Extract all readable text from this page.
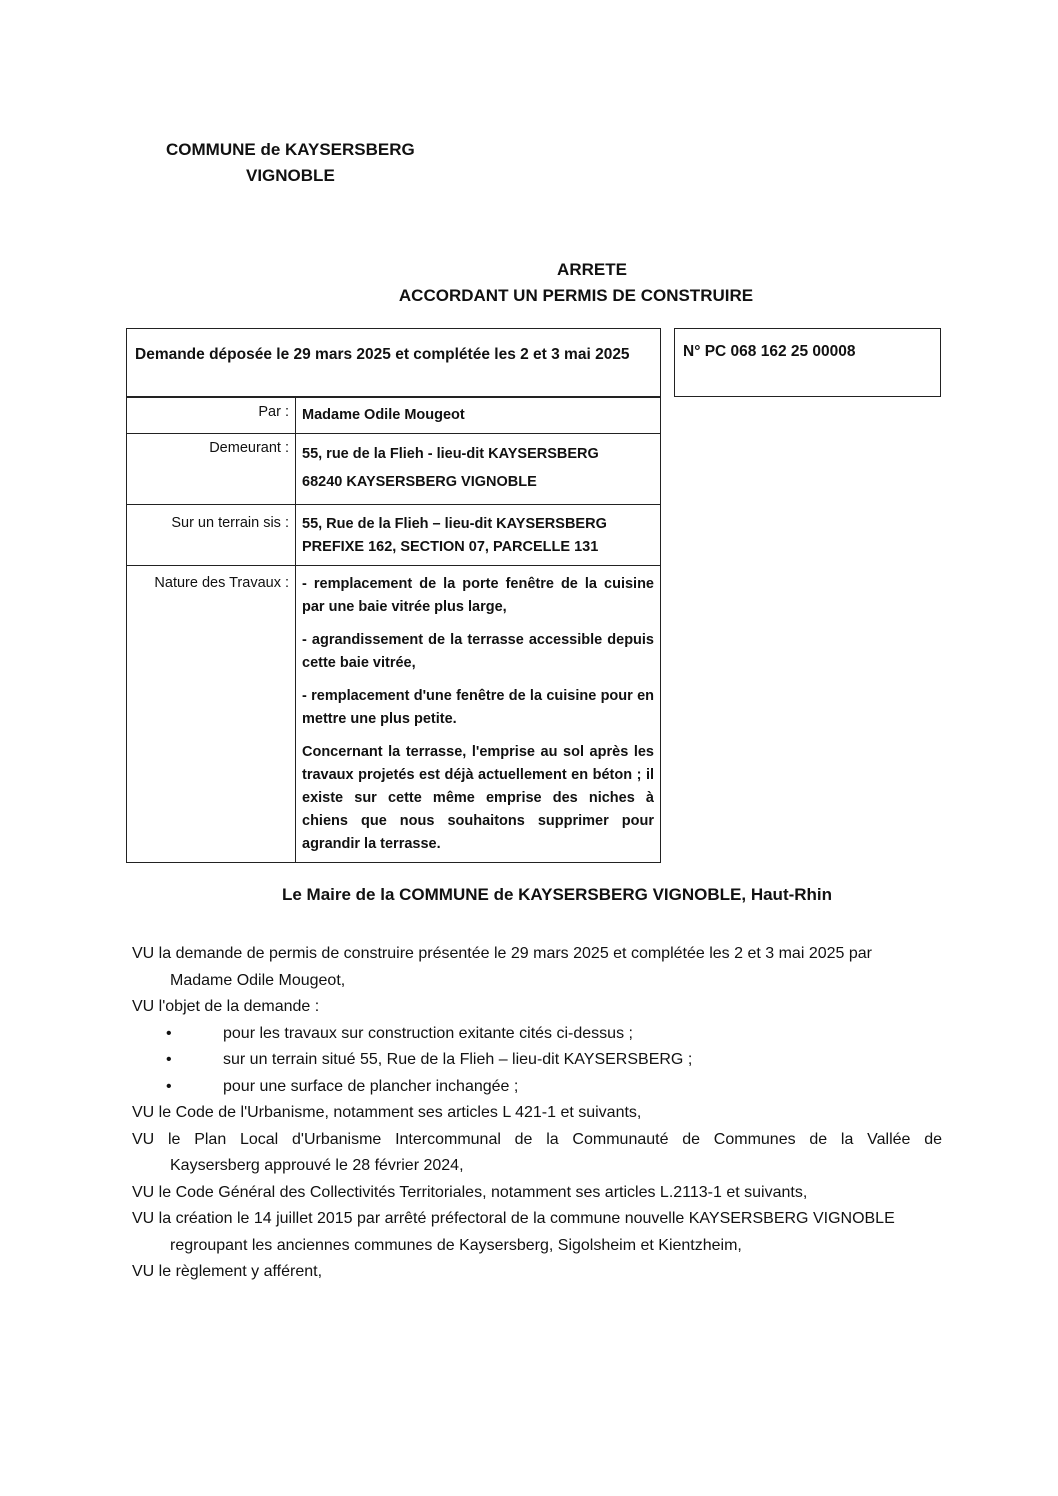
COMMUNE de KAYSERSBERG
VIGNOBLE
ARRETE
ACCORDANT UN PERMIS DE CONSTRUIRE
Demande déposée le 29 mars 2025 et complétée les 2 et 3 mai 2025	N° PC 068 162 25 00008
Par :	Madame Odile Mougeot
Demeurant :	55, rue de la Flieh - lieu-dit KAYSERSBERG
68240 KAYSERSBERG VIGNOBLE

Sur un terrain sis :	55, Rue de la Flieh – lieu-dit KAYSERSBERG
PREFIXE 162, SECTION 07, PARCELLE 131

Nature des Travaux :	- remplacement de la porte fenêtre de la cuisine par une baie vitrée plus large,
- agrandissement de la terrasse accessible depuis cette baie vitrée,
- remplacement d'une fenêtre de la cuisine pour en mettre une plus petite.
Concernant la terrasse, l'emprise au sol après les travaux projetés est déjà actuellement en béton ; il existe sur cette même emprise des niches à chiens que nous souhaitons supprimer pour agrandir la terrasse.
Le Maire de la COMMUNE de KAYSERSBERG VIGNOBLE, Haut-Rhin
VU la demande de permis de construire présentée le 29 mars 2025 et complétée les 2 et 3 mai 2025 par
Madame Odile Mougeot,
VU l'objet de la demande :
•	pour les travaux sur construction exitante cités ci-dessus ;
•	sur un terrain situé 55, Rue de la Flieh – lieu-dit KAYSERSBERG ;
•	pour une surface de plancher inchangée ;
VU le Code de l'Urbanisme, notamment ses articles L 421-1 et suivants,
VU le Plan Local d'Urbanisme Intercommunal de la Communauté de Communes de la Vallée de
Kaysersberg approuvé le 28 février 2024,
VU le Code Général des Collectivités Territoriales, notamment ses articles L.2113-1 et suivants,
VU la création le 14 juillet 2015 par arrêté préfectoral de la commune nouvelle KAYSERSBERG VIGNOBLE
regroupant les anciennes communes de Kaysersberg, Sigolsheim et Kientzheim,
VU le règlement y afférent,
